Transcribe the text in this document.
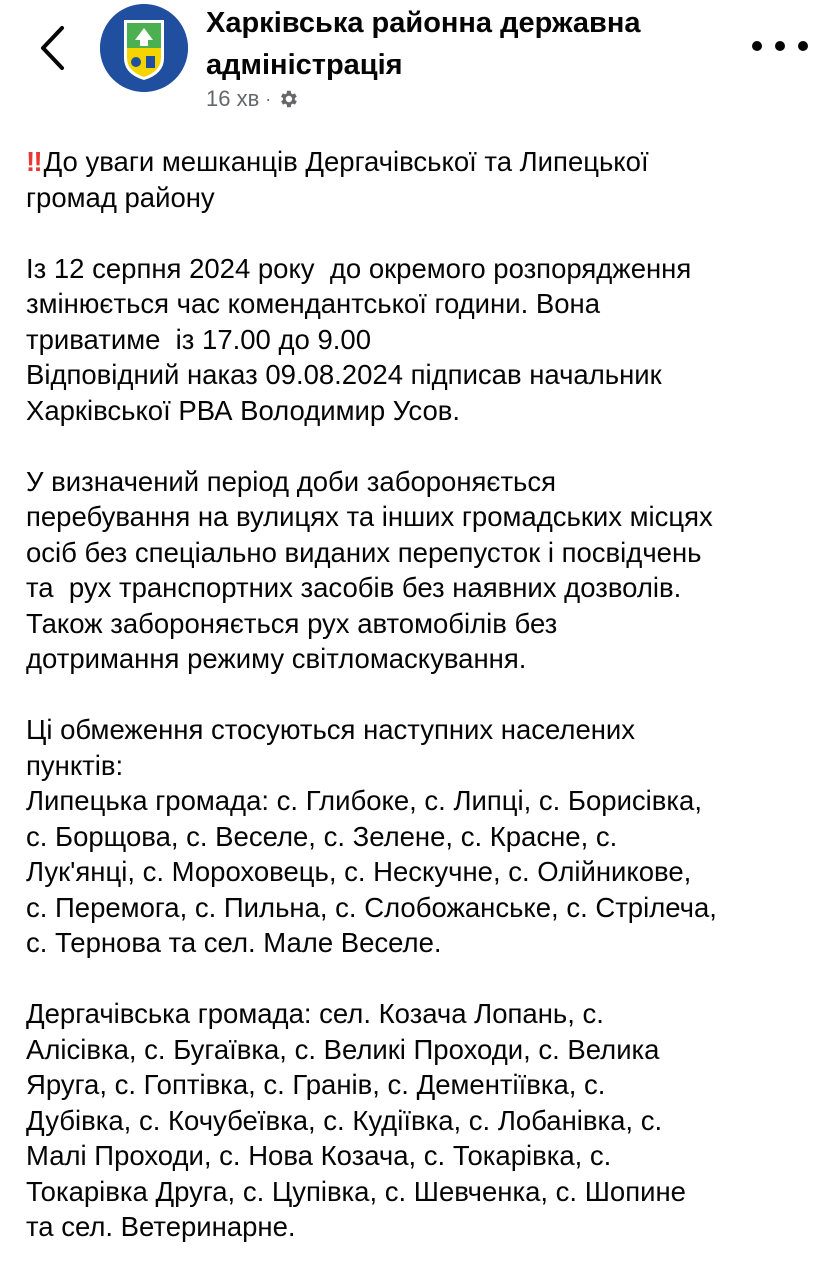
Харківська районна державна адміністрація
16 хв ·

‼ До уваги мешканців Дергачівської та Липецької
громад району

Із 12 серпня 2024 року  до окремого розпорядження
змінюється час комендантської години. Вона
триватиме  із 17.00 до 9.00
Відповідний наказ 09.08.2024 підписав начальник
Харківської РВА Володимир Усов.

У визначений період доби забороняється
перебування на вулицях та інших громадських місцях
осіб без спеціально виданих перепусток і посвідчень
та  рух транспортних засобів без наявних дозволів.
Також забороняється рух автомобілів без
дотримання режиму світломаскування.

Ці обмеження стосуються наступних населених
пунктів:
Липецька громада: с. Глибоке, с. Липці, с. Борисівка,
с. Борщова, с. Веселе, с. Зелене, с. Красне, с.
Лук'янці, с. Мороховець, с. Нескучне, с. Олійникове,
с. Перемога, с. Пильна, с. Слобожанське, с. Стрілеча,
с. Тернова та сел. Мале Веселе.

Дергачівська громада: сел. Козача Лопань, с.
Алісівка, с. Бугаївка, с. Великі Проходи, с. Велика
Яруга, с. Гоптівка, с. Гранів, с. Дементіївка, с.
Дубівка, с. Кочубеївка, с. Кудіївка, с. Лобанівка, с.
Малі Проходи, с. Нова Козача, с. Токарівка, с.
Токарівка Друга, с. Цупівка, с. Шевченка, с. Шопине
та сел. Ветеринарне.
